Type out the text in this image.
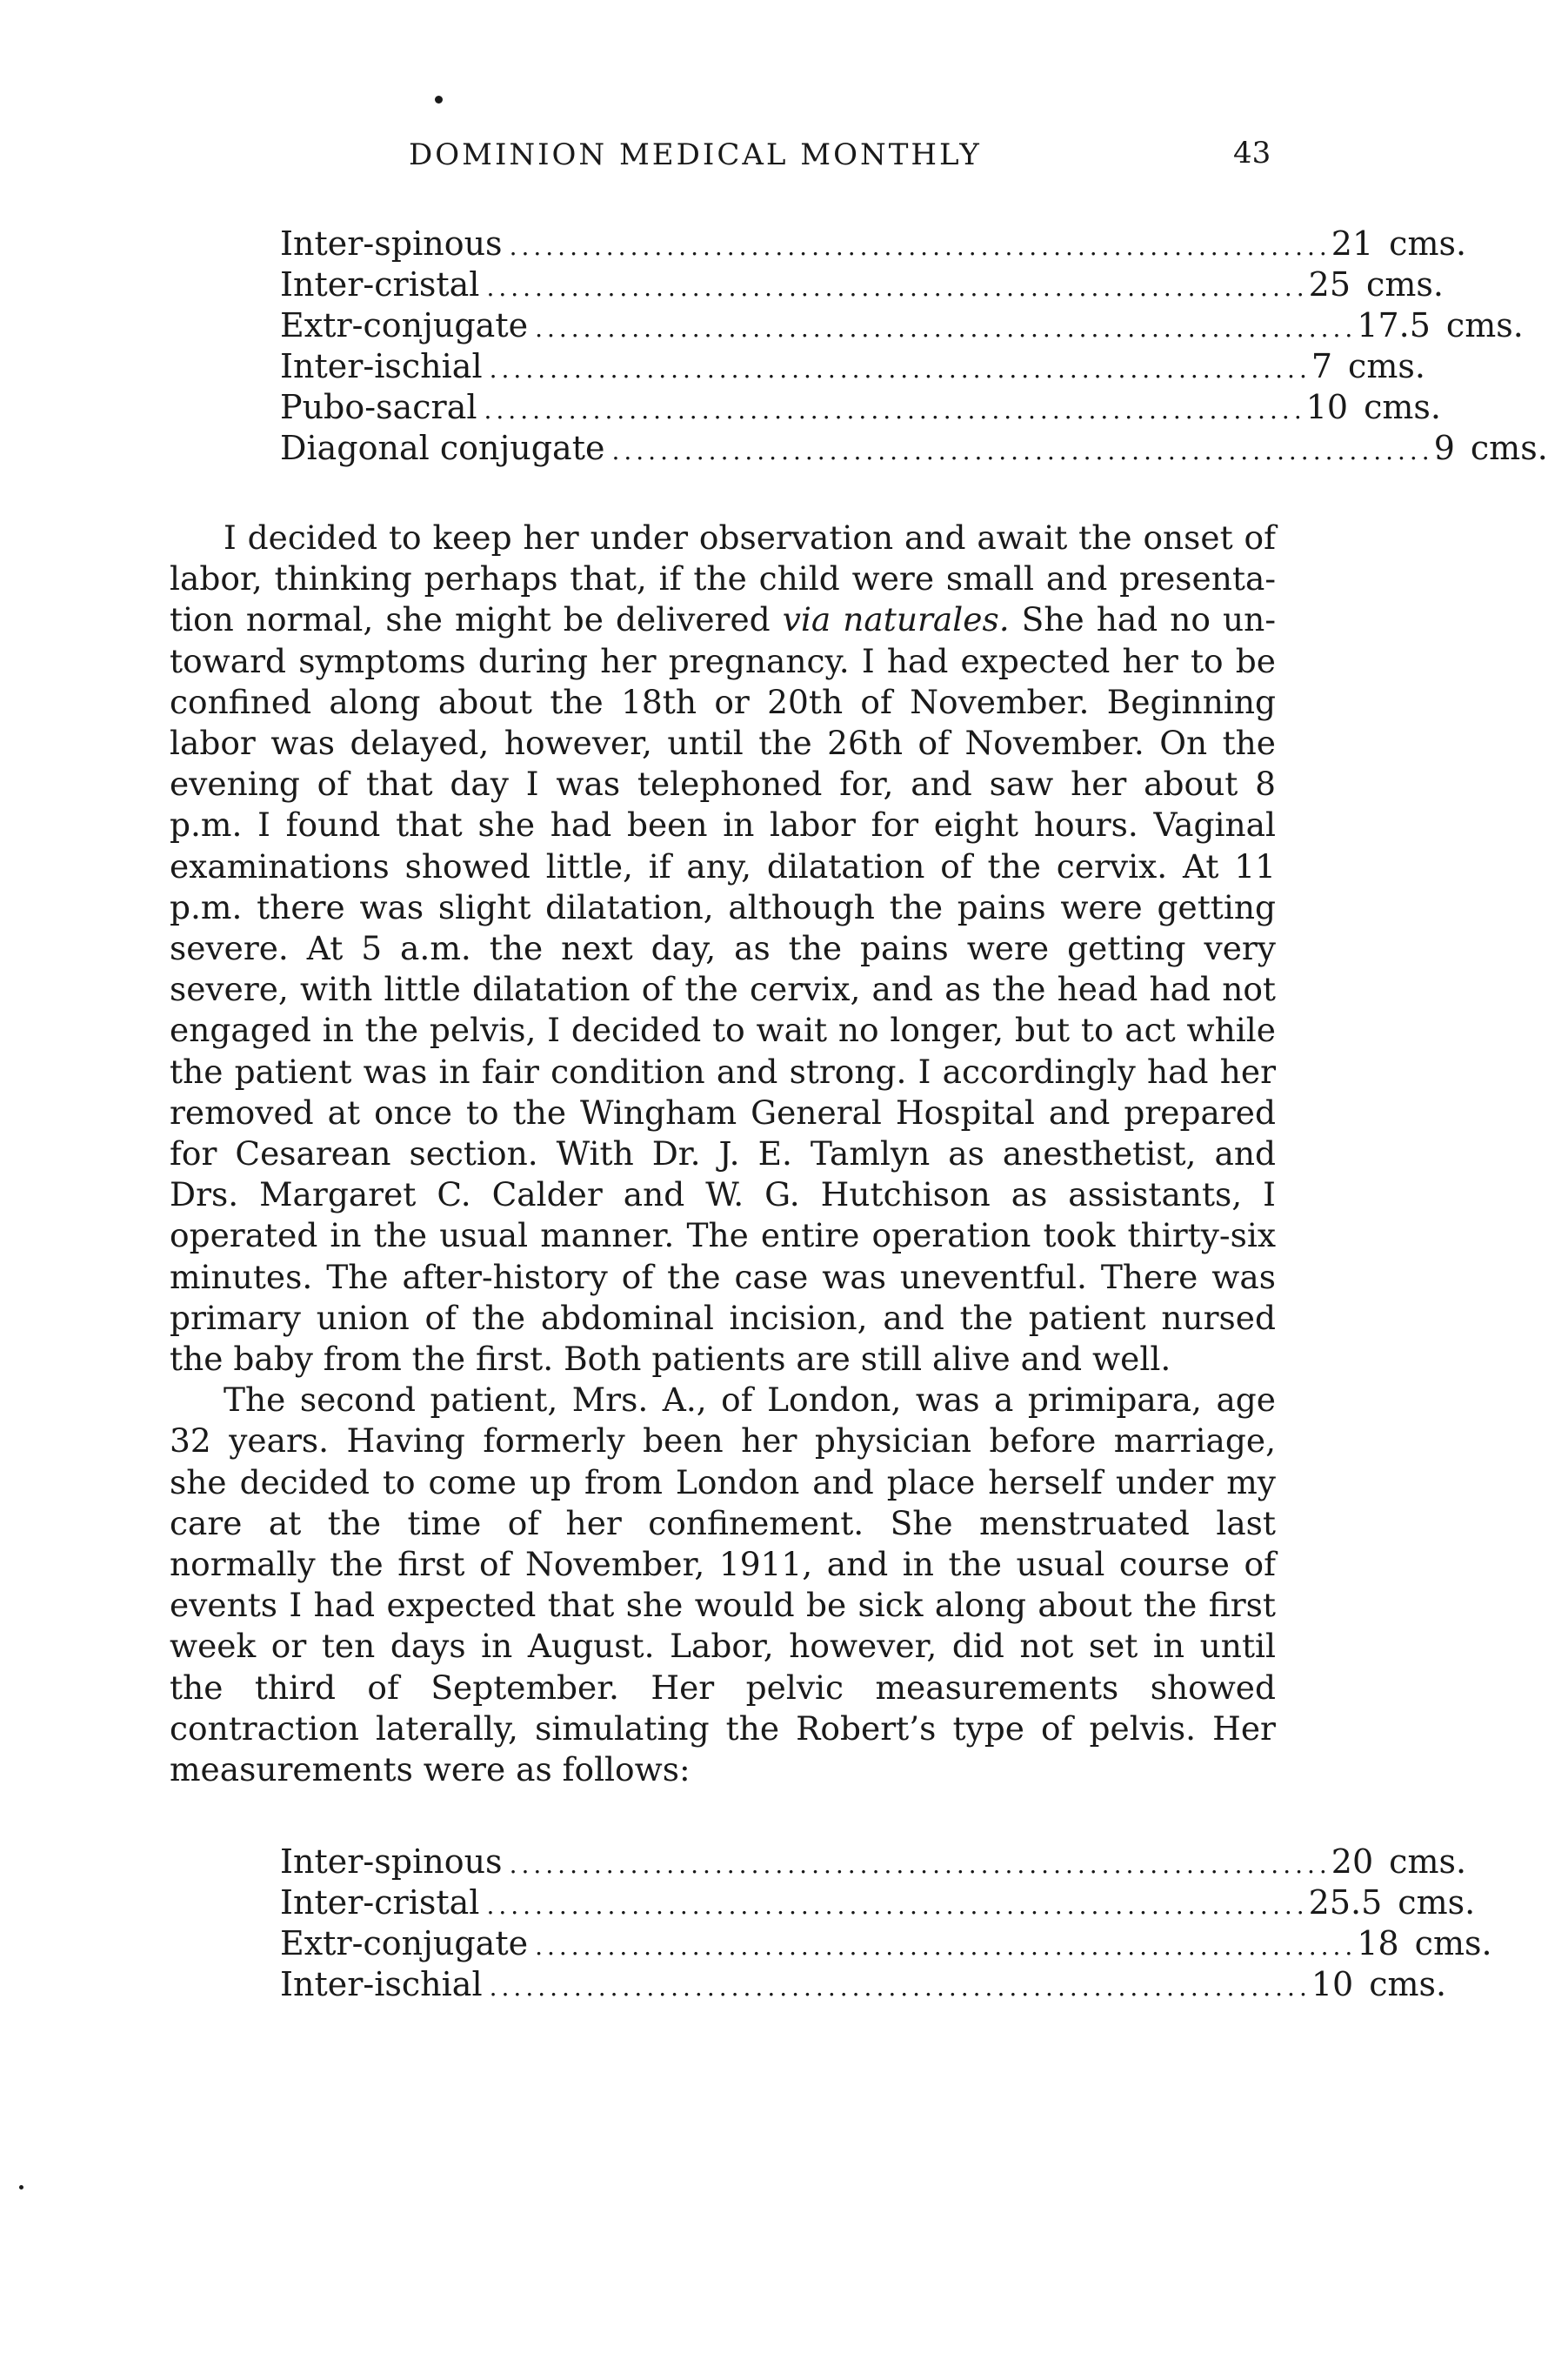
DOMINION MEDICAL MONTHLY	43
Inter-spinous .................................................................... 21 cms.
Inter-cristal .................................................................... 25 cms.
Extr-conjugate .................................................................... 17.5 cms.
Inter-ischial .................................................................... 7 cms.
Pubo-sacral .................................................................... 10 cms.
Diagonal conjugate .................................................................... 9 cms.

I decided to keep her under observation and await the onset of labor, thinking perhaps that, if the child were small and presentation normal, she might be delivered via naturales. She had no untoward symptoms during her pregnancy. I had expected her to be confined along about the 18th or 20th of November. Beginning labor was delayed, however, until the 26th of November. On the evening of that day I was telephoned for, and saw her about 8 p.m. I found that she had been in labor for eight hours. Vaginal examinations showed little, if any, dilatation of the cervix. At 11 p.m. there was slight dilatation, although the pains were getting severe. At 5 a.m. the next day, as the pains were getting very severe, with little dilatation of the cervix, and as the head had not engaged in the pelvis, I decided to wait no longer, but to act while the patient was in fair condition and strong. I accordingly had her removed at once to the Wingham General Hospital and prepared for Cesarean section. With Dr. J. E. Tamlyn as anesthetist, and Drs. Margaret C. Calder and W. G. Hutchison as assistants, I operated in the usual manner. The entire operation took thirty-six minutes. The after-history of the case was uneventful. There was primary union of the abdominal incision, and the patient nursed the baby from the first. Both patients are still alive and well.

The second patient, Mrs. A., of London, was a primipara, age 32 years. Having formerly been her physician before marriage, she decided to come up from London and place herself under my care at the time of her confinement. She menstruated last normally the first of November, 1911, and in the usual course of events I had expected that she would be sick along about the first week or ten days in August. Labor, however, did not set in until the third of September. Her pelvic measurements showed contraction laterally, simulating the Robert’s type of pelvis. Her measurements were as follows:

Inter-spinous .................................................................... 20 cms.
Inter-cristal .................................................................... 25.5 cms.
Extr-conjugate .................................................................... 18 cms.
Inter-ischial .................................................................... 10 cms.
